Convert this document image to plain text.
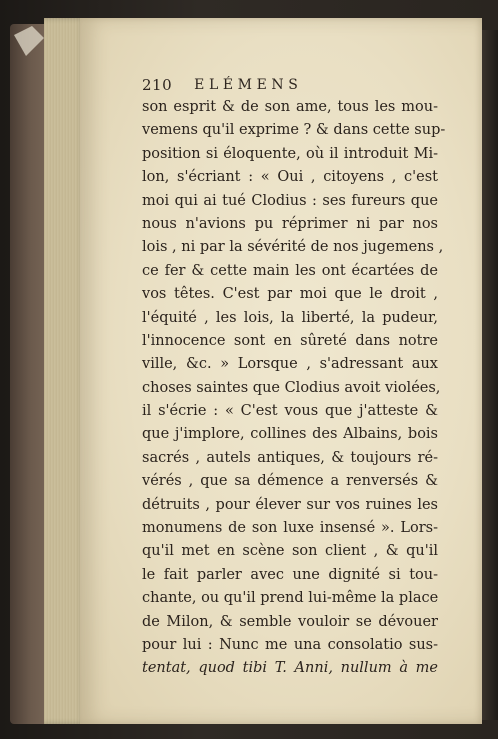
210 ELÉMENS
son esprit & de son ame, tous les mou-
vemens qu'il exprime ? & dans cette sup-
position si éloquente, où il introduit Mi-
lon, s'écriant : « Oui , citoyens , c'est
moi qui ai tué Clodius : ses fureurs que
nous n'avions pu réprimer ni par nos
lois , ni par la sévérité de nos jugemens ,
ce fer & cette main les ont écartées de
vos têtes. C'est par moi que le droit ,
l'équité , les lois, la liberté, la pudeur,
l'innocence sont en sûreté dans notre
ville, &c. » Lorsque , s'adressant aux
choses saintes que Clodius avoit violées,
il s'écrie : « C'est vous que j'atteste &
que j'implore, collines des Albains, bois
sacrés , autels antiques, & toujours ré-
vérés , que sa démence a renversés &
détruits , pour élever sur vos ruines les
monumens de son luxe insensé ». Lors-
qu'il met en scène son client , & qu'il
le fait parler avec une dignité si tou-
chante, ou qu'il prend lui-même la place
de Milon, & semble vouloir se dévouer
pour lui : Nunc me una consolatio sus-
tentat, quod tibi T. Anni, nullum à me
